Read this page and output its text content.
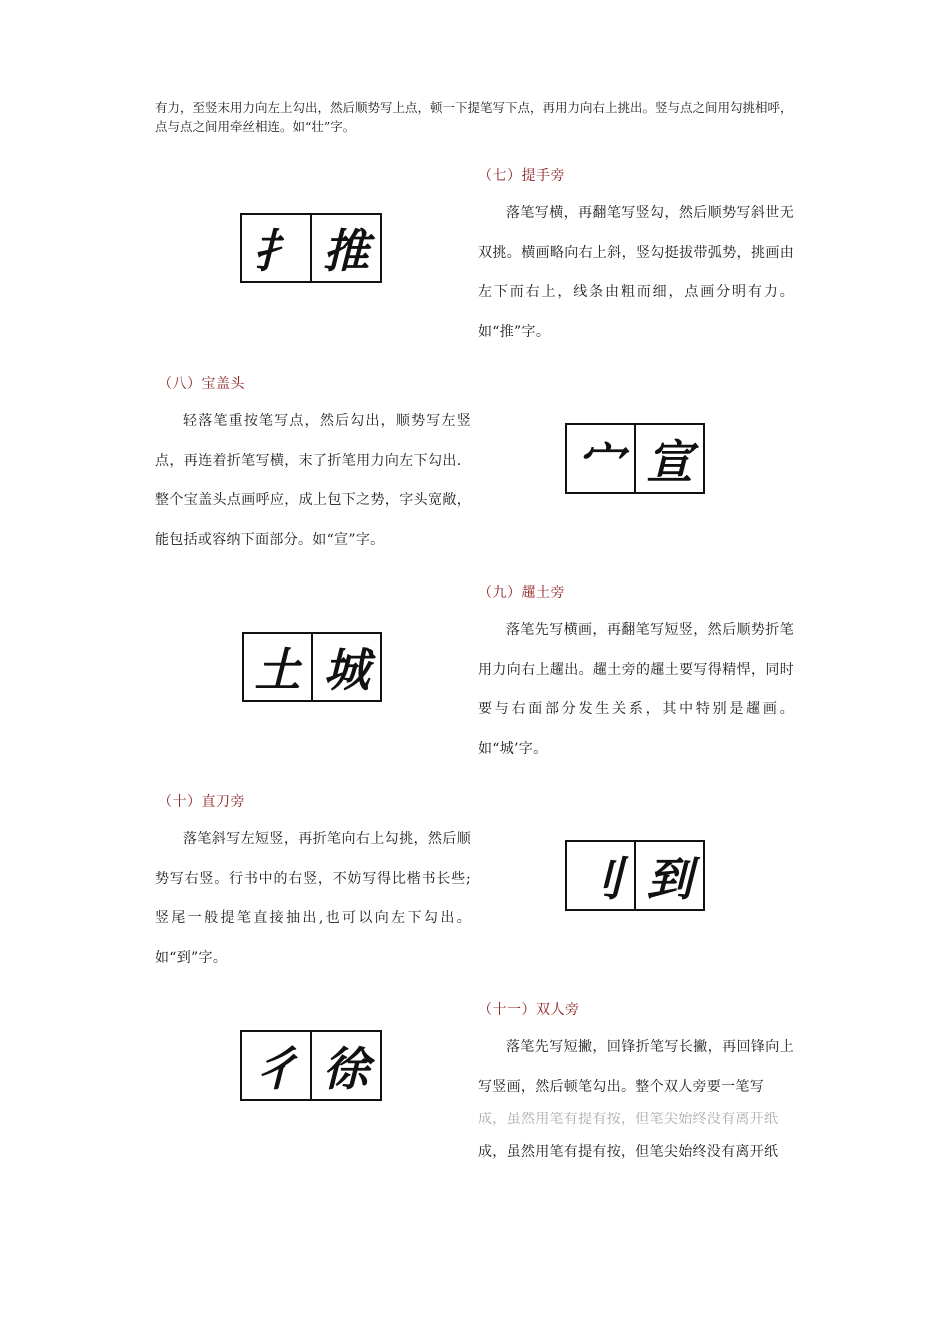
有力，至竖末用力向左上勾出，然后顺势写上点，顿一下提笔写下点，再用力向右上挑出。竖与点之间用勾挑相呼，点与点之间用牵丝相连。如“壮”字。
（七）提手旁
落笔写横，再翻笔写竖勾，然后顺势写斜世无双挑。横画略向右上斜，竖勾挺拔带弧势，挑画由左下而右上，线条由粗而细，点画分明有力。如“推”字。
扌 推
（八）宝盖头
轻落笔重按笔写点，然后勾出，顺势写左竖点，再连着折笔写横，末了折笔用力向左下勾出．整个宝盖头点画呼应，成上包下之势，字头宽敞，能包括或容纳下面部分。如“宣”字。
宀 宣
（九）趯土旁
落笔先写横画，再翻笔写短竖，然后顺势折笔用力向右上趯出。趯土旁的趯土要写得精悍，同时要与右面部分发生关系，其中特别是趯画。如“城’字。
土 城
（十）直刀旁
落笔斜写左短竖，再折笔向右上勾挑，然后顺势写右竖。行书中的右竖，不妨写得比楷书长些;竖尾一般提笔直接抽出,也可以向左下勾出。如“到”字。
刂 到
（十一）双人旁
落笔先写短撇，回锋折笔写长撇，再回锋向上写竖画，然后顿笔勾出。整个双人旁要一笔写
成，虽然用笔有提有按，但笔尖始终没有离开纸
成，虽然用笔有提有按，但笔尖始终没有离开纸
彳 徐
